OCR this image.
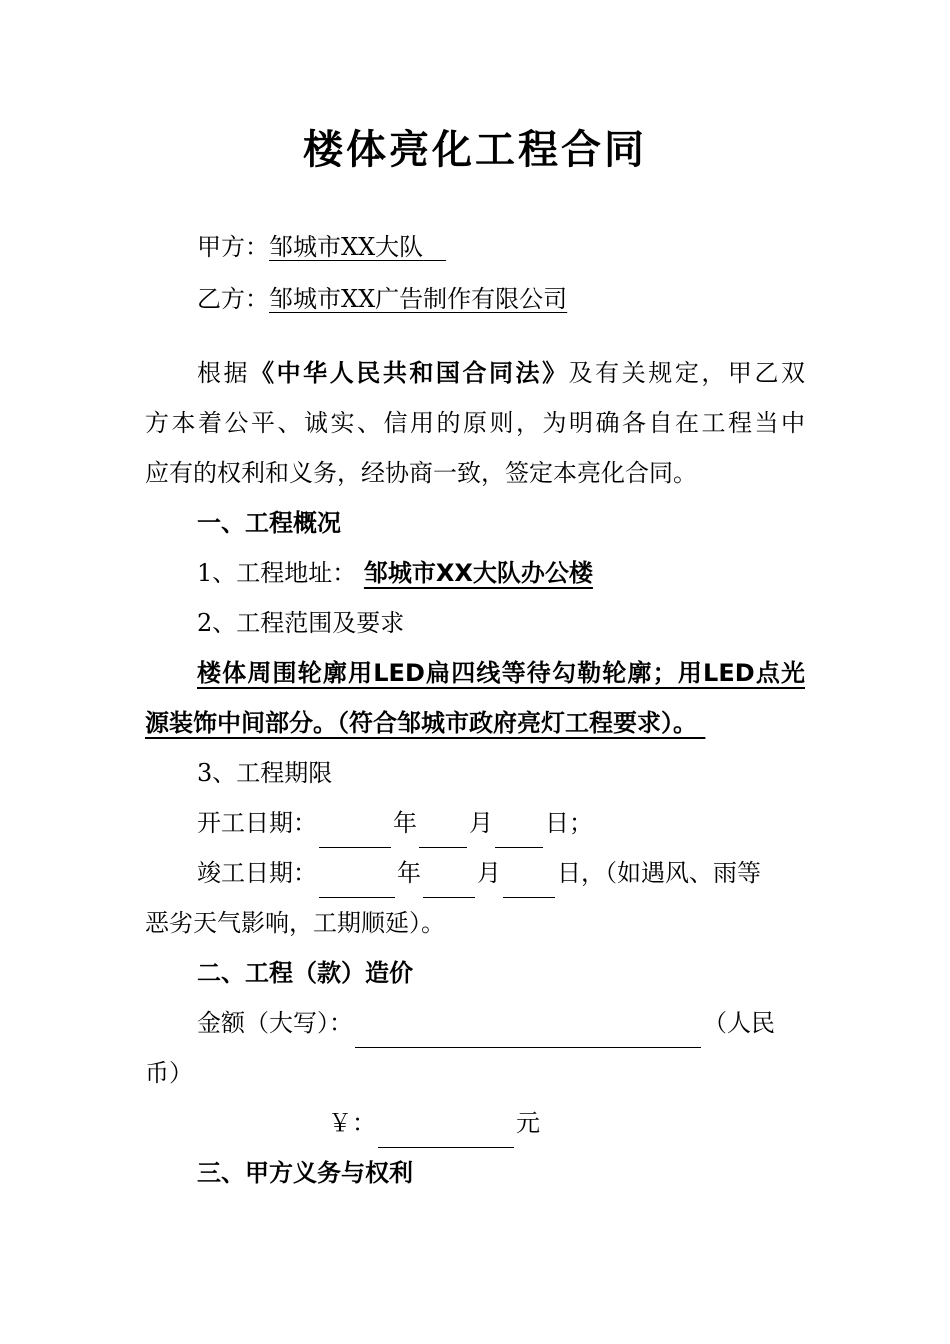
楼体亮化工程合同
甲方：邹城市XX大队
乙方：邹城市XX广告制作有限公司
根据《中华人民共和国合同法》及有关规定，甲乙双
方本着公平、诚实、信用的原则，为明确各自在工程当中
应有的权利和义务，经协商一致，签定本亮化合同。
一、工程概况
1、工程地址： 邹城市XX大队办公楼
2、工程范围及要求
楼体周围轮廓用LED扁四线等待勾勒轮廓；用LED点光
源装饰中间部分。（符合邹城市政府亮灯工程要求）。
3、工程期限
开工日期：	年 月 日；
竣工日期：	年 月 日，（如遇风、雨等
恶劣天气影响，工期顺延）。
二、工程（款）造价
金额（大写）：	（人民
币）
￥：	元
三、甲方义务与权利
